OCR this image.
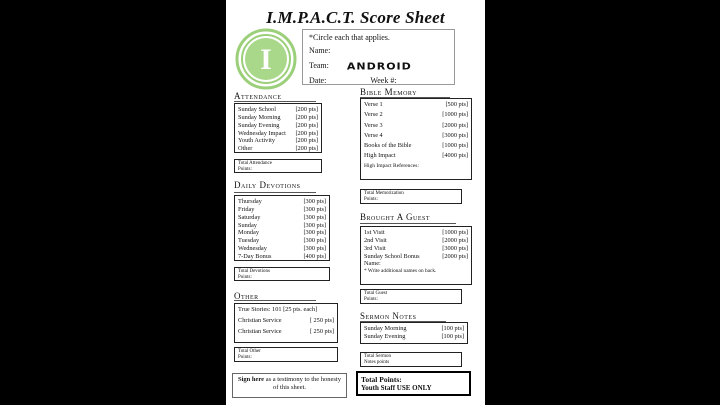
I.M.P.A.C.T. Score Sheet
I
*Circle each that applies.
Name:
Team: ANDROID
Date:	Week #:
Attendance
Sunday School	[200 pts]
Sunday Morning	[200 pts]
Sunday Evening	[200 pts]
Wednesday Impact	[200 pts]
Youth Activity	[200 pts]
Other	[200 pts]
Total Attendance
Points:
Daily Devotions
Thursday	[300 pts]
Friday	[300 pts]
Saturday	[300 pts]
Sunday	[300 pts]
Monday	[300 pts]
Tuesday	[300 pts]
Wednesday	[300 pts]
7-Day Bonus	[400 pts]
Total Devotions
Points:
Other
True Stories: 101 [25 pts. each]
Christian Service	[ 250 pts]
Christian Service	[ 250 pts]
Total Other
Points:
Bible Memory
Verse 1	[500 pts]
Verse 2	[1000 pts]
Verse 3	[2000 pts]
Verse 4	[3000 pts]
Books of the Bible	[1000 pts]
High Impact	[4000 pts]
High Impact References:
Total Memorization
Points:
Brought A Guest
1st Visit	[1000 pts]
2nd Visit	[2000 pts]
3rd Visit	[3000 pts]
Sunday School Bonus	[2000 pts]
Name:
* Write additional names on back.
Total Guest
Points:
Sermon Notes
Sunday Morning	[100 pts]
Sunday Evening	[100 pts]
Total Sermon
Notes points
Sign here as a testimony to the honesty of this sheet.
Total Points:
Youth Staff USE ONLY
